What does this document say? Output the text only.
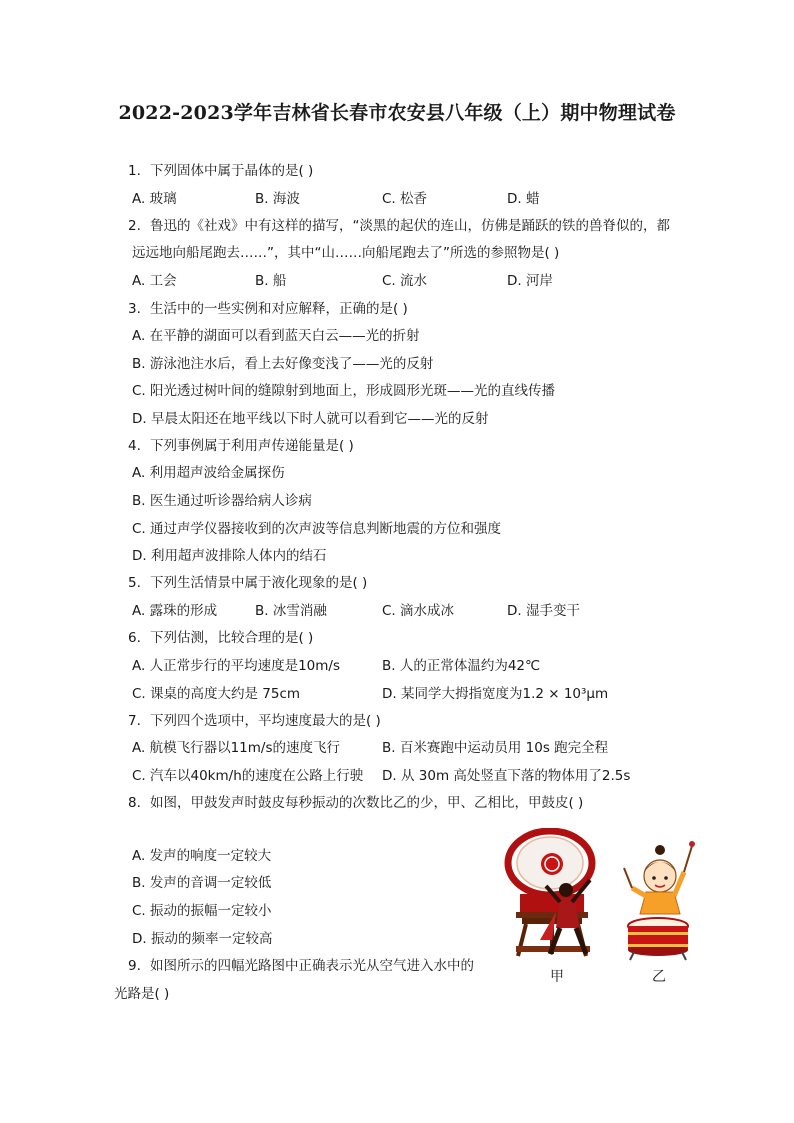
2022-2023学年吉林省长春市农安县八年级（上）期中物理试卷
1. 下列固体中属于晶体的是( )
A. 玻璃	B. 海波	C. 松香	D. 蜡
2. 鲁迅的《社戏》中有这样的描写，“淡黑的起伏的连山，仿佛是踊跃的铁的兽脊似的，都
远远地向船尾跑去……”，其中“山……向船尾跑去了”所选的参照物是( )
A. 工会	B. 船	C. 流水	D. 河岸
3. 生活中的一些实例和对应解释，正确的是( )
A. 在平静的湖面可以看到蓝天白云——光的折射
B. 游泳池注水后，看上去好像变浅了——光的反射
C. 阳光透过树叶间的缝隙射到地面上，形成圆形光斑——光的直线传播
D. 早晨太阳还在地平线以下时人就可以看到它——光的反射
4. 下列事例属于利用声传递能量是( )
A. 利用超声波给金属探伤
B. 医生通过听诊器给病人诊病
C. 通过声学仪器接收到的次声波等信息判断地震的方位和强度
D. 利用超声波排除人体内的结石
5. 下列生活情景中属于液化现象的是( )
A. 露珠的形成	B. 冰雪消融	C. 滴水成冰	D. 湿手变干
6. 下列估测，比较合理的是( )
A. 人正常步行的平均速度是10m/s	B. 人的正常体温约为42℃
C. 课桌的高度大约是 75cm	D. 某同学大拇指宽度为1.2 × 10³μm
7. 下列四个选项中，平均速度最大的是( )
A. 航模飞行器以11m/s的速度飞行	B. 百米赛跑中运动员用 10s 跑完全程
C. 汽车以40km/h的速度在公路上行驶 D. 从 30m 高处竖直下落的物体用了2.5s
8. 如图，甲鼓发声时鼓皮每秒振动的次数比乙的少，甲、乙相比，甲鼓皮( )
A. 发声的响度一定较大
B. 发声的音调一定较低
C. 振动的振幅一定较小
D. 振动的频率一定较高
9. 如图所示的四幅光路图中正确表示光从空气进入水中的
光路是( )
甲	乙
